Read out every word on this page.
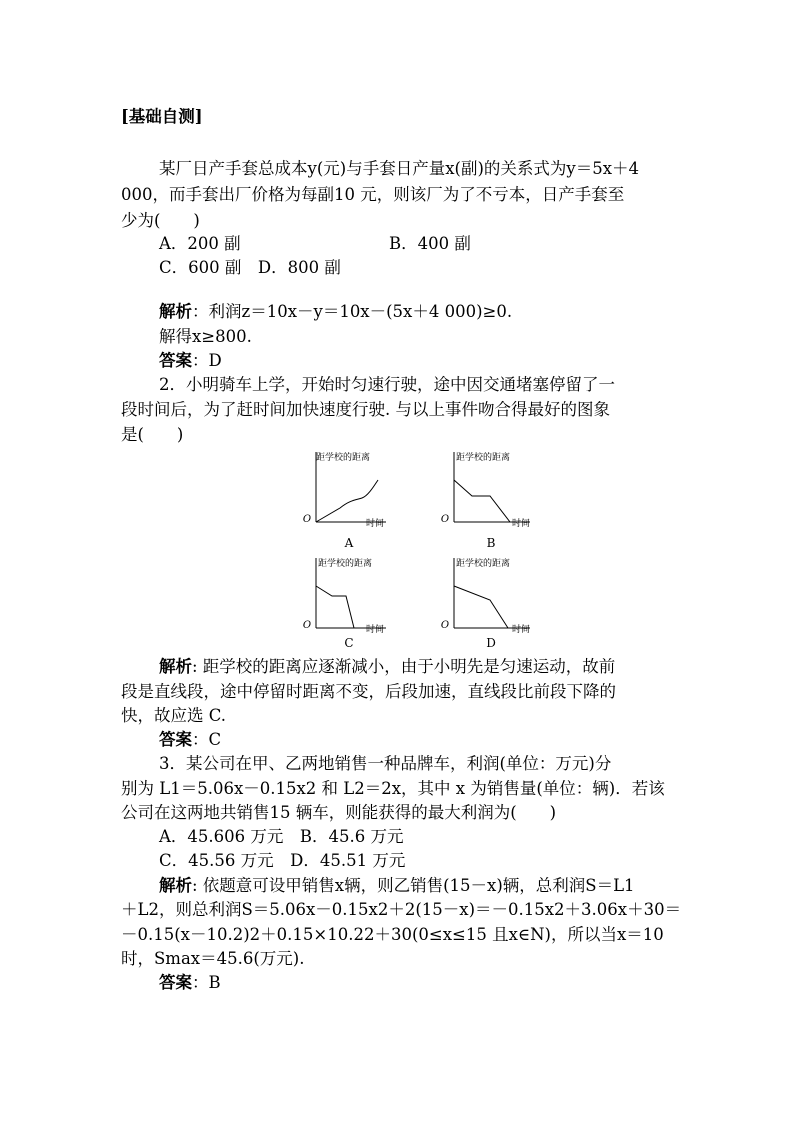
[基础自测]
某厂日产手套总成本y(元)与手套日产量x(副)的关系式为y＝5x＋4
000，而手套出厂价格为每副10 元，则该厂为了不亏本，日产手套至
少为(　　)
A．200 副	B．400 副
C．600 副　D．800 副
解析：利润z＝10x－y＝10x－(5x＋4 000)≥0.
解得x≥800.
答案：D
2．小明骑车上学，开始时匀速行驶，途中因交通堵塞停留了一
段时间后，为了赶时间加快速度行驶. 与以上事件吻合得最好的图象
是(　　)
距学校的距离
时间
O
A
距学校的距离
时间
O
B
距学校的距离
时间
O
C
距学校的距离
时间
O
D
解析: 距学校的距离应逐渐减小，由于小明先是匀速运动，故前
段是直线段，途中停留时距离不变，后段加速，直线段比前段下降的
快，故应选 C.
答案：C
3．某公司在甲、乙两地销售一种品牌车，利润(单位：万元)分
别为 L1＝5.06x－0.15x2 和 L2＝2x，其中 x 为销售量(单位：辆)．若该
公司在这两地共销售15 辆车，则能获得的最大利润为(　　)
A．45.606 万元　B．45.6 万元
C．45.56 万元　D．45.51 万元
解析: 依题意可设甲销售x辆，则乙销售(15－x)辆，总利润S＝L1
＋L2，则总利润S＝5.06x－0.15x2＋2(15－x)＝－0.15x2＋3.06x＋30＝
－0.15(x－10.2)2＋0.15×10.22＋30(0≤x≤15 且x∈N)，所以当x＝10
时，Smax＝45.6(万元).
答案：B
